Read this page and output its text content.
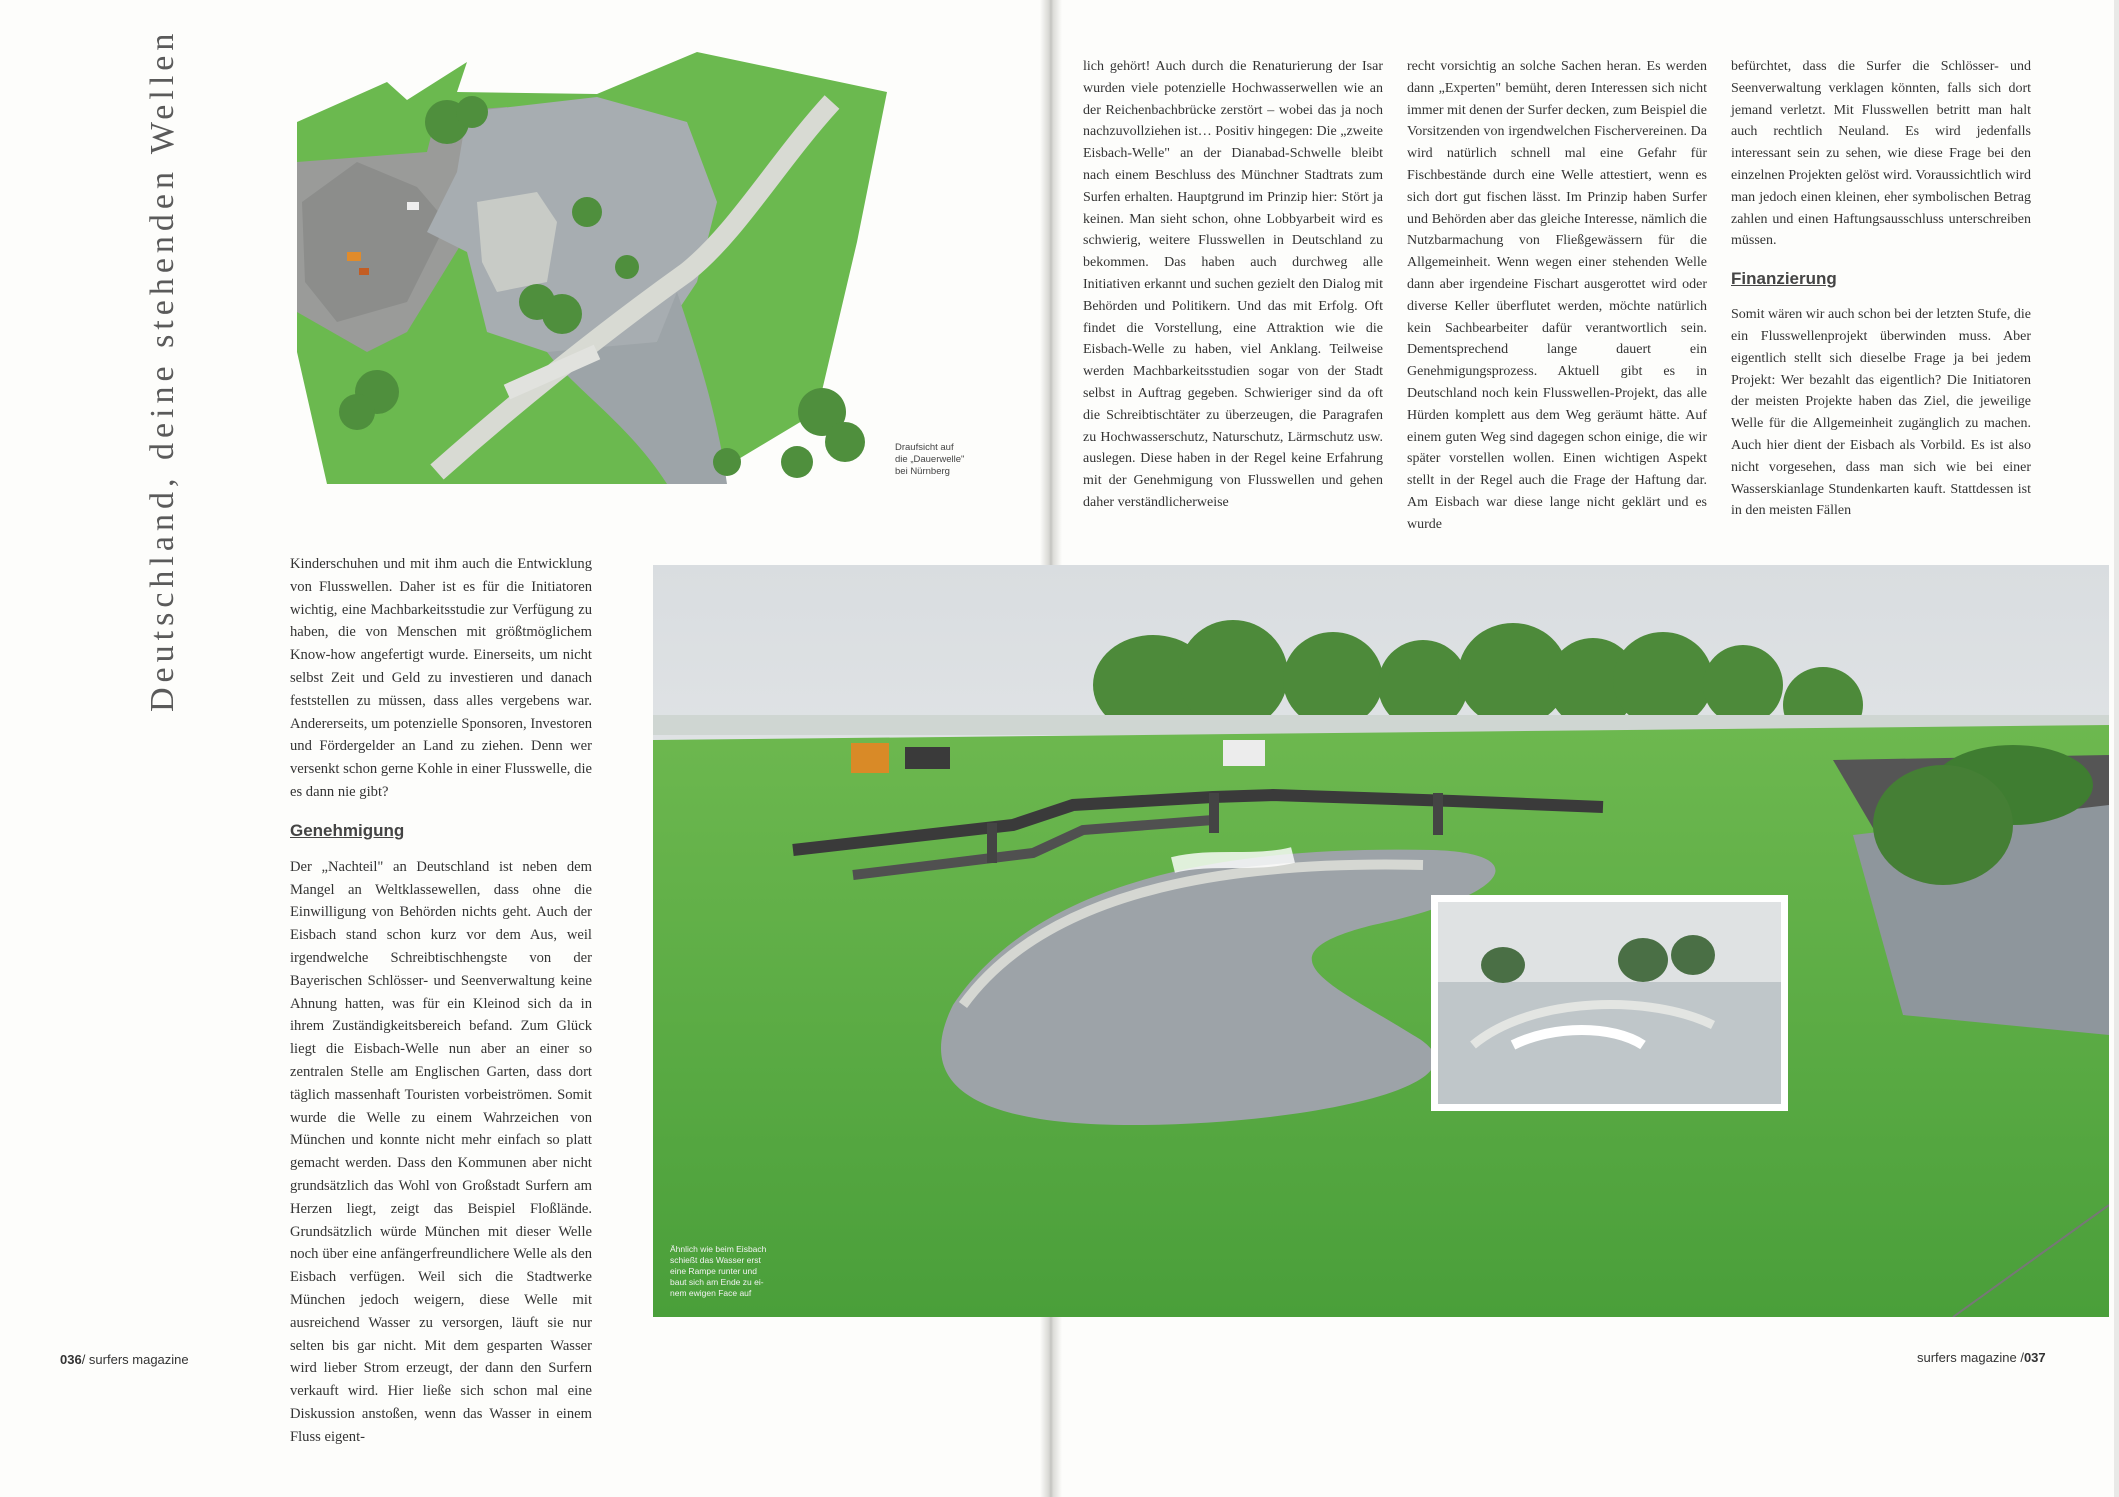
Draufsicht auf
die „Dauerwelle"
bei Nürnberg
Deutschland, deine stehenden Wellen	Kinderschuhen und mit ihm auch die Entwicklung von Flusswellen. Daher ist es für die Initiatoren wichtig, eine Machbarkeitsstudie zur Verfügung zu haben, die von Menschen mit größtmöglichem Know-how angefertigt wurde. Einerseits, um nicht selbst Zeit und Geld zu investieren und danach feststellen zu müssen, dass alles vergebens war. Andererseits, um potenzielle Sponsoren, Investoren und Fördergelder an Land zu ziehen. Denn wer versenkt schon gerne Kohle in einer Flusswelle, die es dann nie gibt?

Genehmigung

Der „Nachteil" an Deutschland ist neben dem Mangel an Weltklassewellen, dass ohne die Einwilligung von Behörden nichts geht. Auch der Eisbach stand schon kurz vor dem Aus, weil irgendwelche Schreibtischhengste von der Bayerischen Schlösser- und Seenverwaltung keine Ahnung hatten, was für ein Kleinod sich da in ihrem Zuständigkeitsbereich befand. Zum Glück liegt die Eisbach-Welle nun aber an einer so zentralen Stelle am Englischen Garten, dass dort täglich massenhaft Touristen vorbeiströmen. Somit wurde die Welle zu einem Wahrzeichen von München und konnte nicht mehr einfach so platt gemacht werden. Dass den Kommunen aber nicht grundsätzlich das Wohl von Großstadt Surfern am Herzen liegt, zeigt das Beispiel Floßlände. Grundsätzlich würde München mit dieser Welle noch über eine anfängerfreundlichere Welle als den Eisbach verfügen. Weil sich die Stadtwerke München jedoch weigern, diese Welle mit ausreichend Wasser zu versorgen, läuft sie nur selten bis gar nicht. Mit dem gesparten Wasser wird lieber Strom erzeugt, der dann den Surfern verkauft wird. Hier ließe sich schon mal eine Diskussion anstoßen, wenn das Wasser in einem Fluss eigent-

036/ surfers magazine

lich gehört! Auch durch die Renaturierung der Isar wurden viele potenzielle Hochwasserwellen wie an der Reichenbachbrücke zerstört – wobei das ja noch nachzuvollziehen ist… Positiv hingegen: Die „zweite Eisbach-Welle" an der Dianabad-Schwelle bleibt nach einem Beschluss des Münchner Stadtrats zum Surfen erhalten. Hauptgrund im Prinzip hier: Stört ja keinen. Man sieht schon, ohne Lobbyarbeit wird es schwierig, weitere Flusswellen in Deutschland zu bekommen. Das haben auch durchweg alle Initiativen erkannt und suchen gezielt den Dialog mit Behörden und Politikern. Und das mit Erfolg. Oft findet die Vorstellung, eine Attraktion wie die Eisbach-Welle zu haben, viel Anklang. Teilweise werden Machbarkeitsstudien sogar von der Stadt selbst in Auftrag gegeben. Schwieriger sind da oft die Schreibtischtäter zu überzeugen, die Paragrafen zu Hochwasserschutz, Naturschutz, Lärmschutz usw. auslegen. Diese haben in der Regel keine Erfahrung mit der Genehmigung von Flusswellen und gehen daher verständlicherweise

recht vorsichtig an solche Sachen heran. Es werden dann „Experten" bemüht, deren Interessen sich nicht immer mit denen der Surfer decken, zum Beispiel die Vorsitzenden von irgendwelchen Fischervereinen. Da wird natürlich schnell mal eine Gefahr für Fischbestände durch eine Welle attestiert, wenn es sich dort gut fischen lässt. Im Prinzip haben Surfer und Behörden aber das gleiche Interesse, nämlich die Nutzbarmachung von Fließgewässern für die Allgemeinheit. Wenn wegen einer stehenden Welle dann aber irgendeine Fischart ausgerottet wird oder diverse Keller überflutet werden, möchte natürlich kein Sachbearbeiter dafür verantwortlich sein. Dementsprechend lange dauert ein Genehmigungsprozess. Aktuell gibt es in Deutschland noch kein Flusswellen-Projekt, das alle Hürden komplett aus dem Weg geräumt hätte. Auf einem guten Weg sind dagegen schon einige, die wir später vorstellen wollen. Einen wichtigen Aspekt stellt in der Regel auch die Frage der Haftung dar. Am Eisbach war diese lange nicht geklärt und es wurde

befürchtet, dass die Surfer die Schlösser- und Seenverwaltung verklagen könnten, falls sich dort jemand verletzt. Mit Flusswellen betritt man halt auch rechtlich Neuland. Es wird jedenfalls interessant sein zu sehen, wie diese Frage bei den einzelnen Projekten gelöst wird. Voraussichtlich wird man jedoch einen kleinen, eher symbolischen Betrag zahlen und einen Haftungsausschluss unterschreiben müssen.

Finanzierung

Somit wären wir auch schon bei der letzten Stufe, die ein Flusswellenprojekt überwinden muss. Aber eigentlich stellt sich dieselbe Frage ja bei jedem Projekt: Wer bezahlt das eigentlich? Die Initiatoren der meisten Projekte haben das Ziel, die jeweilige Welle für die Allgemeinheit zugänglich zu machen. Auch hier dient der Eisbach als Vorbild. Es ist also nicht vorgesehen, dass man sich wie bei einer Wasserskianlage Stundenkarten kauft. Stattdessen ist in den meisten Fällen

surfers magazine /037
Ähnlich wie beim Eisbach
schießt das Wasser erst
eine Rampe runter und
baut sich am Ende zu ei-
nem ewigen Face auf
